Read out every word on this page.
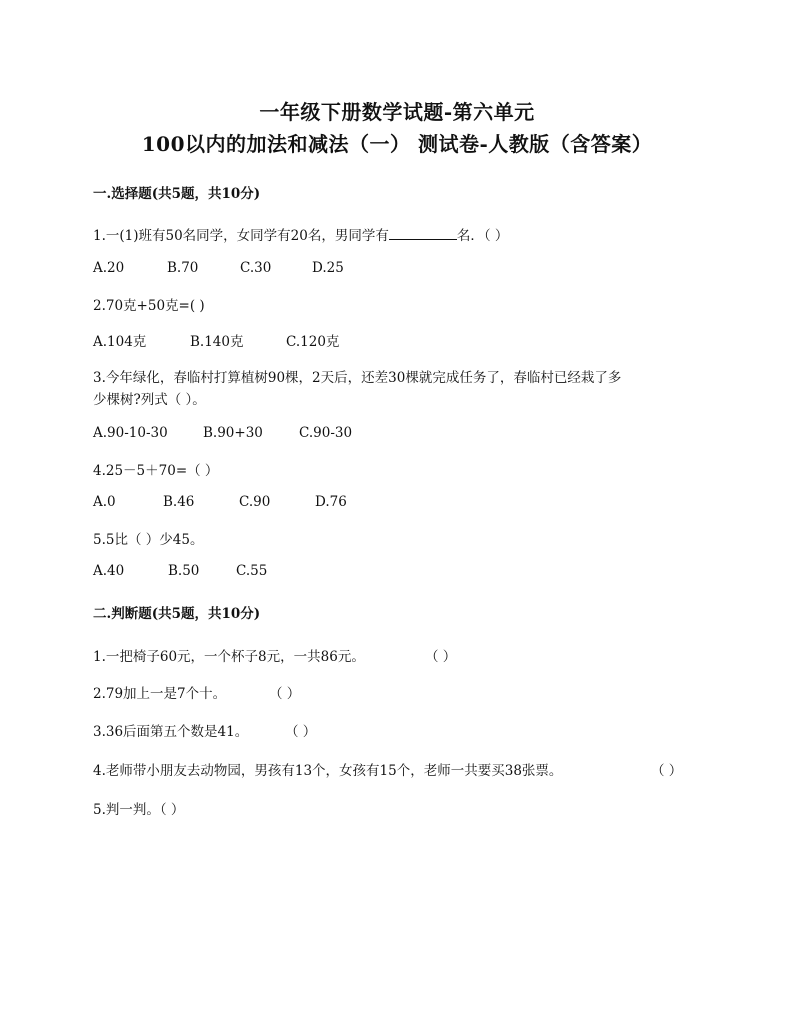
一年级下册数学试题-第六单元
100以内的加法和减法（一） 测试卷-人教版（含答案）
一.选择题(共5题，共10分)
1.一(1)班有50名同学，女同学有20名，男同学有	名．（ ）
A.20	B.70	C.30	D.25
2.70克+50克=( )
A.104克	B.140克	C.120克
3.今年绿化，春临村打算植树90棵，2天后，还差30棵就完成任务了，春临村已经栽了多
少棵树?列式（ ）。
A.90-10-30	B.90+30	C.90-30
4.25－5＋70=（ ）
A.0	B.46	C.90	D.76
5.5比（ ）少45。
A.40	B.50	C.55
二.判断题(共5题，共10分)
1.一把椅子60元，一个杯子8元，一共86元。	（ ）
2.79加上一是7个十。	（ ）
3.36后面第五个数是41。	（ ）
4.老师带小朋友去动物园，男孩有13个，女孩有15个，老师一共要买38张票。	（ ）
5.判一判。（ ）
